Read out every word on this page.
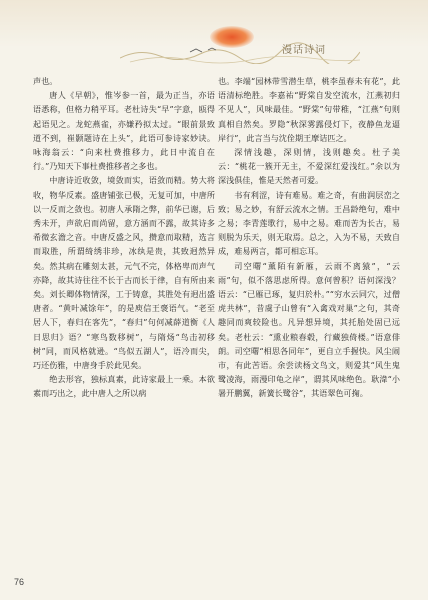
漫话诗词

声也。

唐人《早朝》，惟岑参一首，最为正当，亦语语悉称，但格力稍平耳。老杜诗失“早”字意，瓯得起语见之。龙蛇燕雀，亦嫌矜拟太过。“眼前景致道不到，崔颢题诗在上头”，此语可参诗家妙诀。咏海翁云：“向来杜费推移力，此日中流自在行。”乃知天下事杜费推移者之多也。

中唐诗近收敛，境敛而实，语敛而精。势大将收，物华反素。盛唐铺张已极，无复可加，中唐所以一反而之敛也。初唐人承隋之弊，前华已谢，后秀未开，声欲启而尚留，意方涵而不露，故其诗多希微玄澹之音。中唐反盛之风，攒意而取精，选言而取胜，所谓绮绣非珍，冰纨是贵，其致迥然异矣。然其病在雕刻太甚，元气不完，体格卑而声气亦降，故其诗往往不长于古而长于律，自有所由来矣。刘长卿体物情深，工于铸意，其胜处有迥出盛唐者。“黄叶减馀年”，的是庾信王褒语气。“老至居人下，春归在客先”，“春归”句何减薛道衡《人日思归》语？“寒鸟数移树”，与隋炀“鸟击初移树”同，而风格就逊。“鸟似五湖人”，语冷而尖，巧还伤雅，中唐身手於此见矣。

绝去形容，独标真素，此诗家最上一乘。本欲素而巧出之，此中唐人之所以病

也。李端“园林带雪潜生草，桃李虽春未有花”，此语清标绝胜。李嘉祐“野棠自发空流水，江燕初归不见人”，风味最佳。“野棠”句带稚，“江燕”句则真相自然矣。罗隐“秋深雾露侵灯下，夜静鱼龙逼岸行”，此言当与沈佺期王摩诘匹之。

深情浅趣，深则情，浅则趣矣。杜子美云：“桃花一簇开无主，不爱深红爱浅红。”余以为深浅俱佳，惟是天然者可爱。

书有利涩，诗有难易。难之奇，有曲润层峦之致；易之妙，有舒云流水之情。王昌龄绝句，难中之易；李青莲歌行，易中之易。难而苦为长古，易则脱为乐天，则无取焉。总之，入为不易，天致自成，难易两言，都可相忘耳。

司空曙“薰陌有新雁，云雨不离猿”，“云雨”句，似不落思虑所得。意何曾积？语何深浅？语云：“已雁已琢，复归於朴。”“穷水云同穴，过僧虎共林”，昔虞子山曾有“入禽戏对巢”之句，其奇趣同而爽较险也。凡异想异境，其托胎处固已远矣。老杜云：“熏业粮春毂，行藏独倚楼。”语意俳朗。司空曙“相思各同年”，更自立手握快。风尘闹市，有此苦语。余尝读杨文鸟文，则爱其“风生鬼鹭凌海，雨漫印龟之岸”，谓其风味绝色。耿湋“小暑开鹏翼，新簧长鹭谷”，其语翠色可掬。

76
